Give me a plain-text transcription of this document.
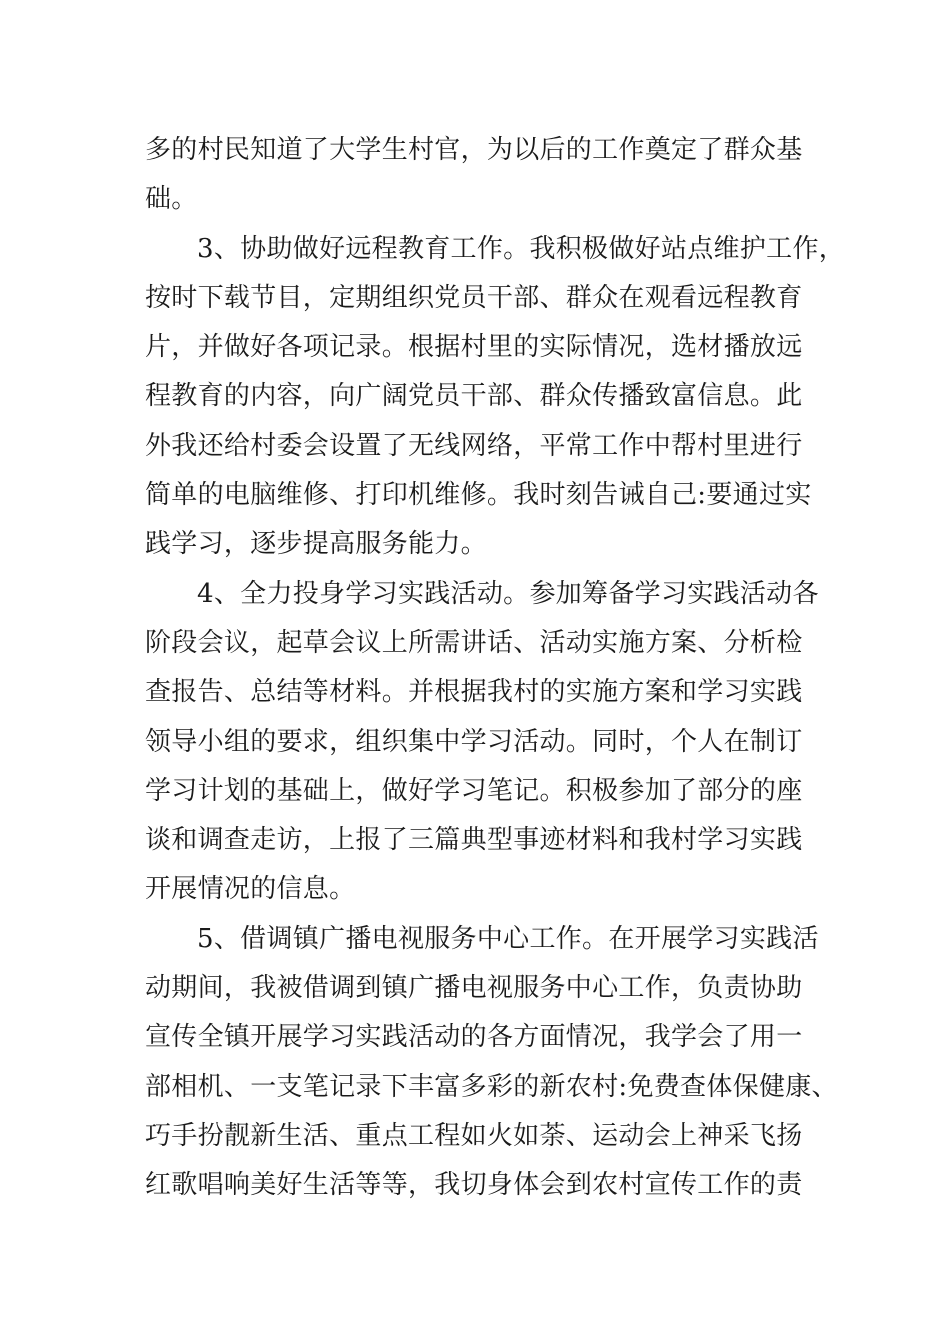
多的村民知道了大学生村官，为以后的工作奠定了群众基
础。
3、协助做好远程教育工作。我积极做好站点维护工作，
按时下载节目，定期组织党员干部、群众在观看远程教育
片，并做好各项记录。根据村里的实际情况，选材播放远
程教育的内容，向广阔党员干部、群众传播致富信息。此
外我还给村委会设置了无线网络，平常工作中帮村里进行
简单的电脑维修、打印机维修。我时刻告诫自己:要通过实
践学习，逐步提高服务能力。
4、全力投身学习实践活动。参加筹备学习实践活动各
阶段会议，起草会议上所需讲话、活动实施方案、分析检
查报告、总结等材料。并根据我村的实施方案和学习实践
领导小组的要求，组织集中学习活动。同时，个人在制订
学习计划的基础上，做好学习笔记。积极参加了部分的座
谈和调查走访，上报了三篇典型事迹材料和我村学习实践
开展情况的信息。
5、借调镇广播电视服务中心工作。在开展学习实践活
动期间，我被借调到镇广播电视服务中心工作，负责协助
宣传全镇开展学习实践活动的各方面情况，我学会了用一
部相机、一支笔记录下丰富多彩的新农村:免费查体保健康、
巧手扮靓新生活、重点工程如火如荼、运动会上神采飞扬
红歌唱响美好生活等等，我切身体会到农村宣传工作的责
